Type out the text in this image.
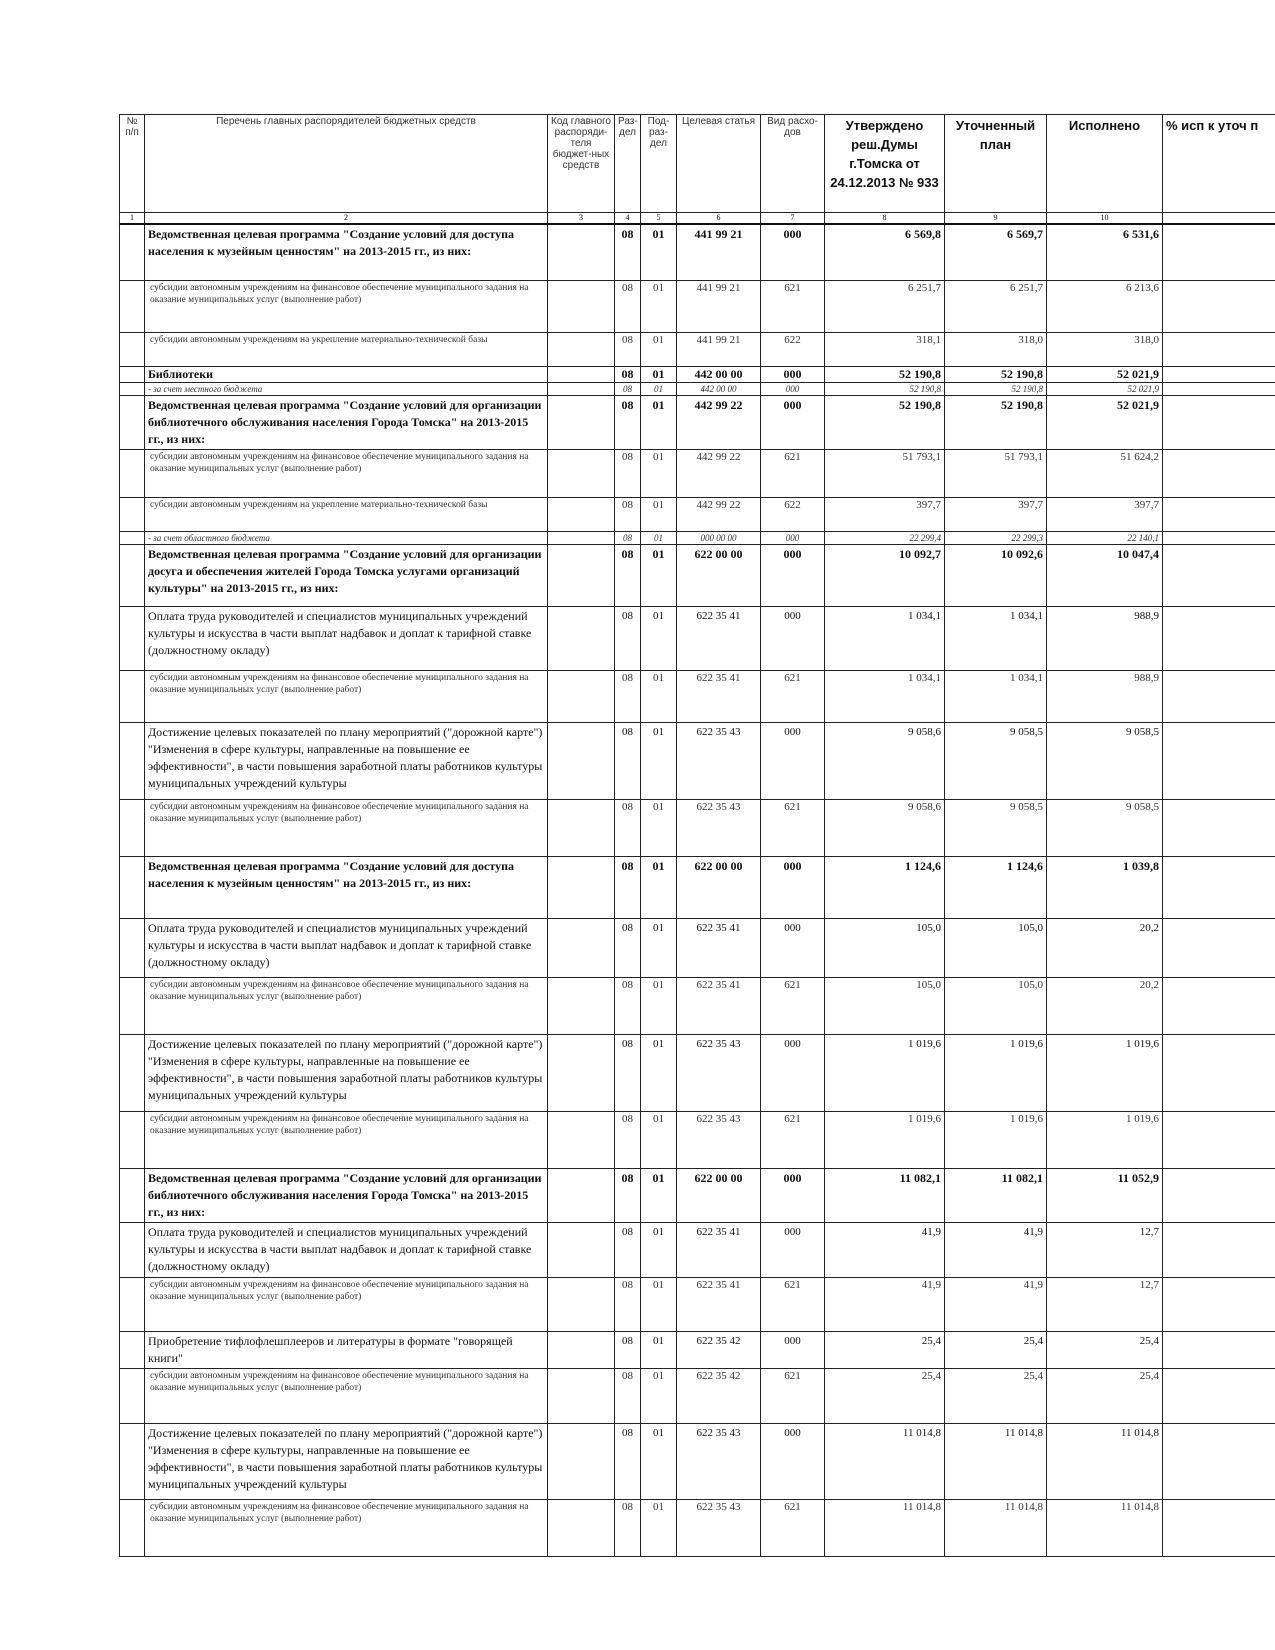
№ п/п	Перечень главных распорядителей бюджетных средств	Код главного распоряди-теля бюджет-ных средств	Раз-дел	Под-раз-дел	Целевая статья	Вид расхо-дов	Утверждено реш.Думы г.Томска от 24.12.2013 № 933	Уточненный план	Исполнено	% исп к уточ п
1	2	3	4	5	6	7	8	9	10	
	Ведомственная целевая программа "Создание условий для доступа населения к музейным ценностям" на 2013-2015 гг., из них:		08	01	441 99 21	000	6 569,8	6 569,7	6 531,6	
	субсидии автономным учреждениям на финансовое обеспечение муниципального задания на оказание муниципальных услуг (выполнение работ)		08	01	441 99 21	621	6 251,7	6 251,7	6 213,6	
	субсидии автономным учреждениям на укрепление материально-технической базы		08	01	441 99 21	622	318,1	318,0	318,0	
	Библиотеки		08	01	442 00 00	000	52 190,8	52 190,8	52 021,9	
	- за счет местного бюджета		08	01	442 00 00	000	52 190,8	52 190,8	52 021,9	
	Ведомственная целевая программа "Создание условий для организации библиотечного обслуживания населения Города Томска" на 2013-2015 гг., из них:		08	01	442 99 22	000	52 190,8	52 190,8	52 021,9	
	субсидии автономным учреждениям на финансовое обеспечение муниципального задания на оказание муниципальных услуг (выполнение работ)		08	01	442 99 22	621	51 793,1	51 793,1	51 624,2	
	субсидии автономным учреждениям на укрепление материально-технической базы		08	01	442 99 22	622	397,7	397,7	397,7	
	- за счет областного бюджета		08	01	000 00 00	000	22 299,4	22 299,3	22 140,1	
	Ведомственная целевая программа "Создание условий для организации досуга и обеспечения жителей Города Томска услугами организаций культуры" на 2013-2015 гг., из них:		08	01	622 00 00	000	10 092,7	10 092,6	10 047,4	
	Оплата труда руководителей и специалистов муниципальных учреждений культуры и искусства в части выплат надбавок и доплат к тарифной ставке (должностному окладу)		08	01	622 35 41	000	1 034,1	1 034,1	988,9	
	субсидии автономным учреждениям на финансовое обеспечение муниципального задания на оказание муниципальных услуг (выполнение работ)		08	01	622 35 41	621	1 034,1	1 034,1	988,9	
	Достижение целевых показателей по плану мероприятий ("дорожной карте") "Изменения в сфере культуры, направленные на повышение ее эффективности", в части повышения заработной платы работников культуры муниципальных учреждений культуры		08	01	622 35 43	000	9 058,6	9 058,5	9 058,5	
	субсидии автономным учреждениям на финансовое обеспечение муниципального задания на оказание муниципальных услуг (выполнение работ)		08	01	622 35 43	621	9 058,6	9 058,5	9 058,5	
	Ведомственная целевая программа "Создание условий для доступа населения к музейным ценностям" на 2013-2015 гг., из них:		08	01	622 00 00	000	1 124,6	1 124,6	1 039,8	
	Оплата труда руководителей и специалистов муниципальных учреждений культуры и искусства в части выплат надбавок и доплат к тарифной ставке (должностному окладу)		08	01	622 35 41	000	105,0	105,0	20,2	
	субсидии автономным учреждениям на финансовое обеспечение муниципального задания на оказание муниципальных услуг (выполнение работ)		08	01	622 35 41	621	105,0	105,0	20,2	
	Достижение целевых показателей по плану мероприятий ("дорожной карте") "Изменения в сфере культуры, направленные на повышение ее эффективности", в части повышения заработной платы работников культуры муниципальных учреждений культуры		08	01	622 35 43	000	1 019,6	1 019,6	1 019,6	
	субсидии автономным учреждениям на финансовое обеспечение муниципального задания на оказание муниципальных услуг (выполнение работ)		08	01	622 35 43	621	1 019,6	1 019,6	1 019,6	
	Ведомственная целевая программа "Создание условий для организации библиотечного обслуживания населения Города Томска" на 2013-2015 гг., из них:		08	01	622 00 00	000	11 082,1	11 082,1	11 052,9	
	Оплата труда руководителей и специалистов муниципальных учреждений культуры и искусства в части выплат надбавок и доплат к тарифной ставке (должностному окладу)		08	01	622 35 41	000	41,9	41,9	12,7	
	субсидии автономным учреждениям на финансовое обеспечение муниципального задания на оказание муниципальных услуг (выполнение работ)		08	01	622 35 41	621	41,9	41,9	12,7	
	Приобретение тифлофлешплееров и литературы в формате "говорящей книги"		08	01	622 35 42	000	25,4	25,4	25,4	
	субсидии автономным учреждениям на финансовое обеспечение муниципального задания на оказание муниципальных услуг (выполнение работ)		08	01	622 35 42	621	25,4	25,4	25,4	
	Достижение целевых показателей по плану мероприятий ("дорожной карте") "Изменения в сфере культуры, направленные на повышение ее эффективности", в части повышения заработной платы работников культуры муниципальных учреждений культуры		08	01	622 35 43	000	11 014,8	11 014,8	11 014,8	
	субсидии автономным учреждениям на финансовое обеспечение муниципального задания на оказание муниципальных услуг (выполнение работ)		08	01	622 35 43	621	11 014,8	11 014,8	11 014,8	
